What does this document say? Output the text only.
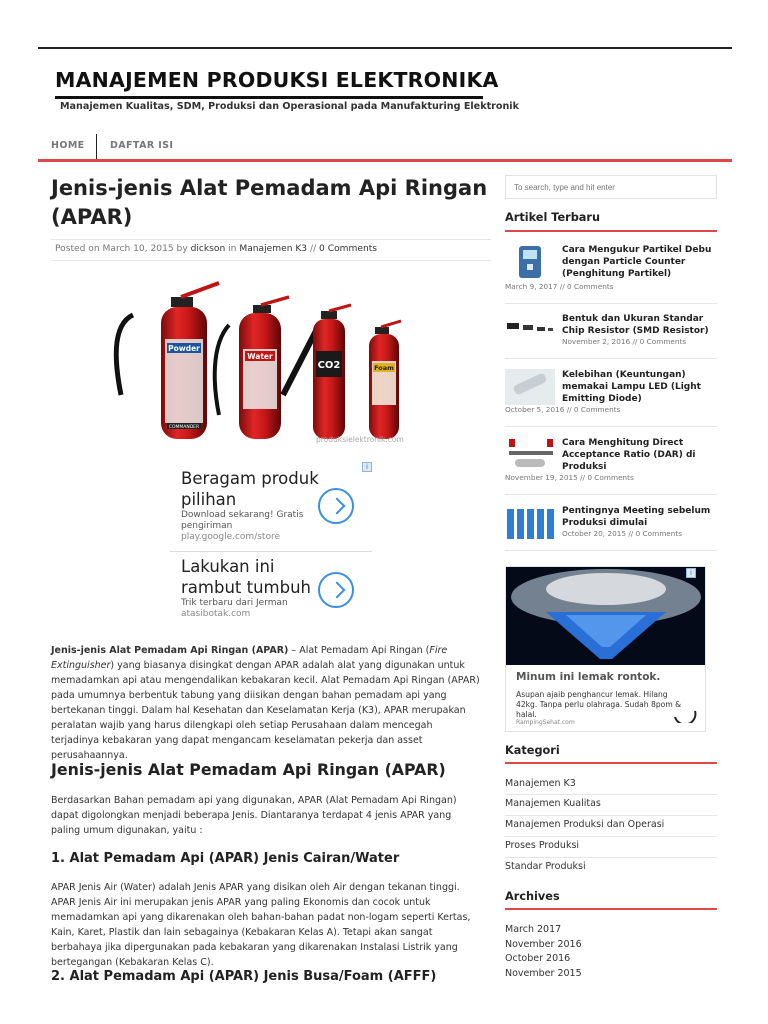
MANAJEMEN PRODUKSI ELEKTRONIKA
Manajemen Kualitas, SDM, Produksi dan Operasional pada Manufakturing Elektronik
HOME	DAFTAR ISI
Jenis-jenis Alat Pemadam Api Ringan (APAR)
Posted on March 10, 2015 by dickson in Manajemen K3 // 0 Comments
Powder
COMMANDER
Water
CO2	Foam
produksielektronik.com
i
Beragam produk pilihan
Download sekarang! Gratis pengiriman
play.google.com/store
Lakukan ini rambut tumbuh
Trik terbaru dari Jerman
atasibotak.com

Jenis-jenis Alat Pemadam Api Ringan (APAR) – Alat Pemadam Api Ringan (Fire Extinguisher) yang biasanya disingkat dengan APAR adalah alat yang digunakan untuk memadamkan api atau mengendalikan kebakaran kecil. Alat Pemadam Api Ringan (APAR) pada umumnya berbentuk tabung yang diisikan dengan bahan pemadam api yang bertekanan tinggi. Dalam hal Kesehatan dan Keselamatan Kerja (K3), APAR merupakan peralatan wajib yang harus dilengkapi oleh setiap Perusahaan dalam mencegah terjadinya kebakaran yang dapat mengancam keselamatan pekerja dan asset perusahaannya.

Jenis-jenis Alat Pemadam Api Ringan (APAR)

Berdasarkan Bahan pemadam api yang digunakan, APAR (Alat Pemadam Api Ringan) dapat digolongkan menjadi beberapa Jenis. Diantaranya terdapat 4 jenis APAR yang paling umum digunakan, yaitu :

1. Alat Pemadam Api (APAR) Jenis Cairan/Water

APAR Jenis Air (Water) adalah Jenis APAR yang disikan oleh Air dengan tekanan tinggi. APAR Jenis Air ini merupakan jenis APAR yang paling Ekonomis dan cocok untuk memadamkan api yang dikarenakan oleh bahan-bahan padat non-logam seperti Kertas, Kain, Karet, Plastik dan lain sebagainya (Kebakaran Kelas A). Tetapi akan sangat berbahaya jika dipergunakan pada kebakaran yang dikarenakan Instalasi Listrik yang bertegangan (Kebakaran Kelas C).

2. Alat Pemadam Api (APAR) Jenis Busa/Foam (AFFF)
To search, type and hit enter
Artikel Terbaru
Cara Mengukur Partikel Debu dengan Particle Counter (Penghitung Partikel)
March 9, 2017 // 0 Comments
Bentuk dan Ukuran Standar Chip Resistor (SMD Resistor)
November 2, 2016 // 0 Comments
Kelebihan (Keuntungan) memakai Lampu LED (Light Emitting Diode)
October 5, 2016 // 0 Comments
Cara Menghitung Direct Acceptance Ratio (DAR) di Produksi
November 19, 2015 // 0 Comments
Pentingnya Meeting sebelum Produksi dimulai
October 20, 2015 // 0 Comments
i
Minum ini lemak rontok.
Asupan ajaib penghancur lemak. Hilang 42kg. Tanpa perlu olahraga. Sudah 8pom & halal.
RampingSehat.com
Kategori
Manajemen K3
Manajemen Kualitas
Manajemen Produksi dan Operasi
Proses Produksi
Standar Produksi
Archives
March 2017
November 2016
October 2016
November 2015
